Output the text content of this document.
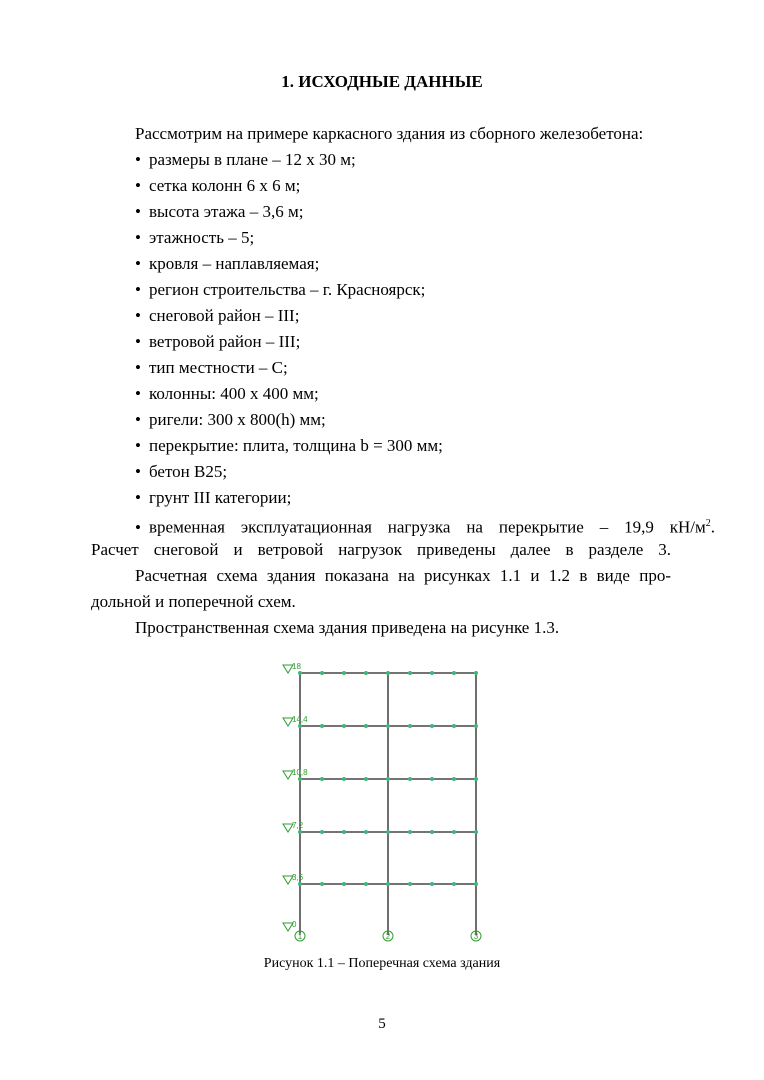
1. ИСХОДНЫЕ ДАННЫЕ
Рассмотрим на примере каркасного здания из сборного железобетона:
• размеры в плане – 12 х 30 м;
• сетка колонн 6 х 6 м;
• высота этажа – 3,6 м;
• этажность – 5;
• кровля – наплавляемая;
• регион строительства – г. Красноярск;
• снеговой район – III;
• ветровой район – III;
• тип местности – С;
• колонны: 400 х 400 мм;
• ригели: 300 х 800(h) мм;
• перекрытие: плита, толщина b = 300 мм;
• бетон В25;
• грунт III категории;
• временная эксплуатационная нагрузка на перекрытие – 19,9 $кН/м^2$.
Расчет снеговой и ветровой нагрузок приведены далее в разделе 3.
Расчетная схема здания показана на рисунках 1.1 и 1.2 в виде про-
дольной и поперечной схем.
Пространственная схема здания приведена на рисунке 1.3.
18
14,4
10,8
7,2
3,6
0
1	2	3
Рисунок 1.1 – Поперечная схема здания
5
